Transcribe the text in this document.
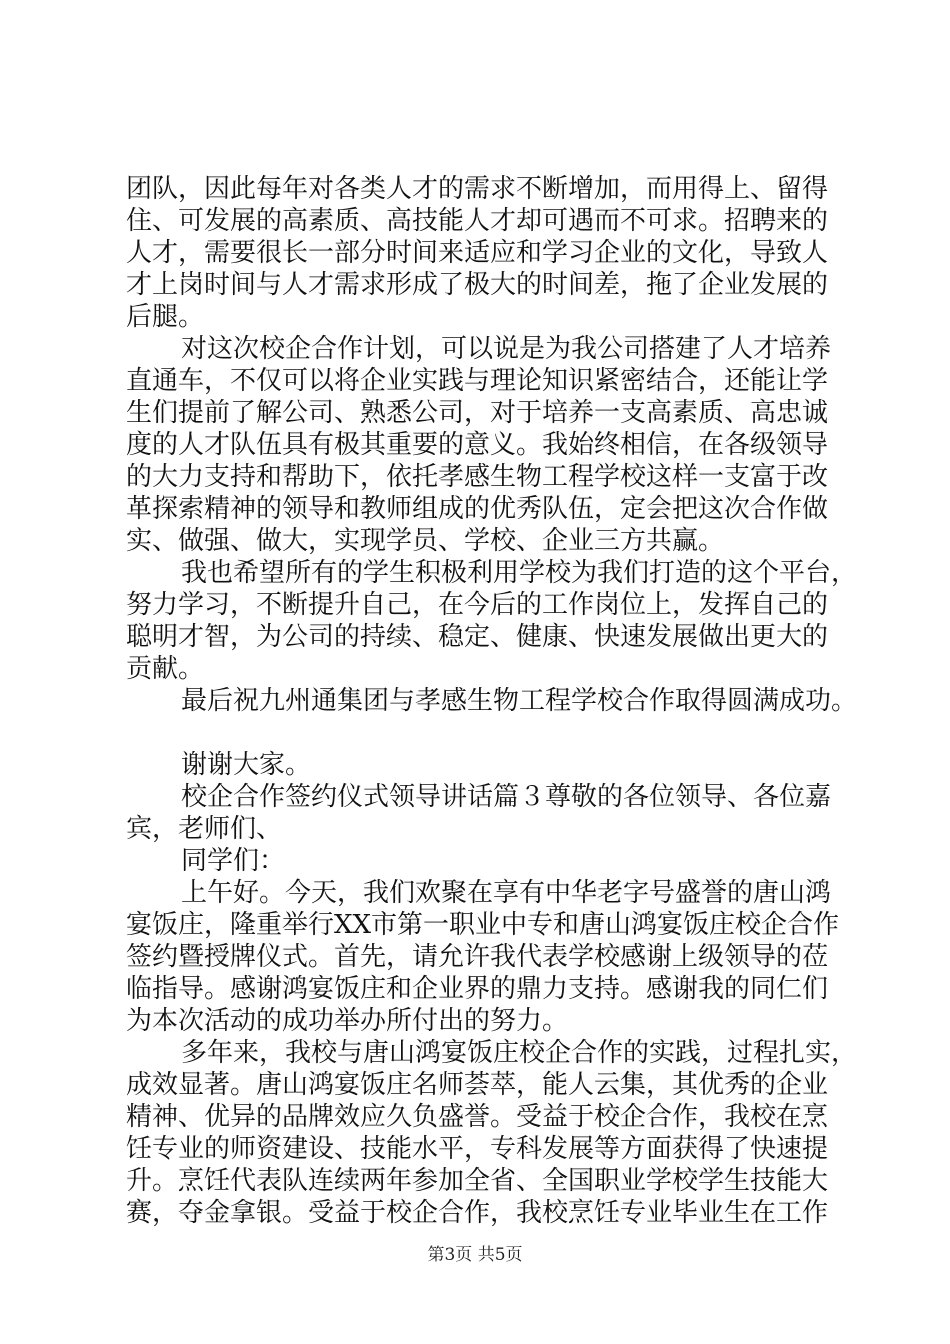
团队，因此每年对各类人才的需求不断增加，而用得上、留得
住、可发展的高素质、高技能人才却可遇而不可求。招聘来的
人才，需要很长一部分时间来适应和学习企业的文化，导致人
才上岗时间与人才需求形成了极大的时间差，拖了企业发展的
后腿。
对这次校企合作计划，可以说是为我公司搭建了人才培养
直通车，不仅可以将企业实践与理论知识紧密结合，还能让学
生们提前了解公司、熟悉公司，对于培养一支高素质、高忠诚
度的人才队伍具有极其重要的意义。我始终相信，在各级领导
的大力支持和帮助下，依托孝感生物工程学校这样一支富于改
革探索精神的领导和教师组成的优秀队伍，定会把这次合作做
实、做强、做大，实现学员、学校、企业三方共赢。
我也希望所有的学生积极利用学校为我们打造的这个平台，
努力学习，不断提升自己，在今后的工作岗位上，发挥自己的
聪明才智，为公司的持续、稳定、健康、快速发展做出更大的
贡献。
最后祝九州通集团与孝感生物工程学校合作取得圆满成功。
谢谢大家。
校企合作签约仪式领导讲话篇３尊敬的各位领导、各位嘉
宾，老师们、
同学们：
上午好。今天，我们欢聚在享有中华老字号盛誉的唐山鸿
宴饭庄，隆重举行XX市第一职业中专和唐山鸿宴饭庄校企合作
签约暨授牌仪式。首先，请允许我代表学校感谢上级领导的莅
临指导。感谢鸿宴饭庄和企业界的鼎力支持。感谢我的同仁们
为本次活动的成功举办所付出的努力。
多年来，我校与唐山鸿宴饭庄校企合作的实践，过程扎实，
成效显著。唐山鸿宴饭庄名师荟萃，能人云集，其优秀的企业
精神、优异的品牌效应久负盛誉。受益于校企合作，我校在烹
饪专业的师资建设、技能水平，专科发展等方面获得了快速提
升。烹饪代表队连续两年参加全省、全国职业学校学生技能大
赛，夺金拿银。受益于校企合作，我校烹饪专业毕业生在工作
第3页 共5页
